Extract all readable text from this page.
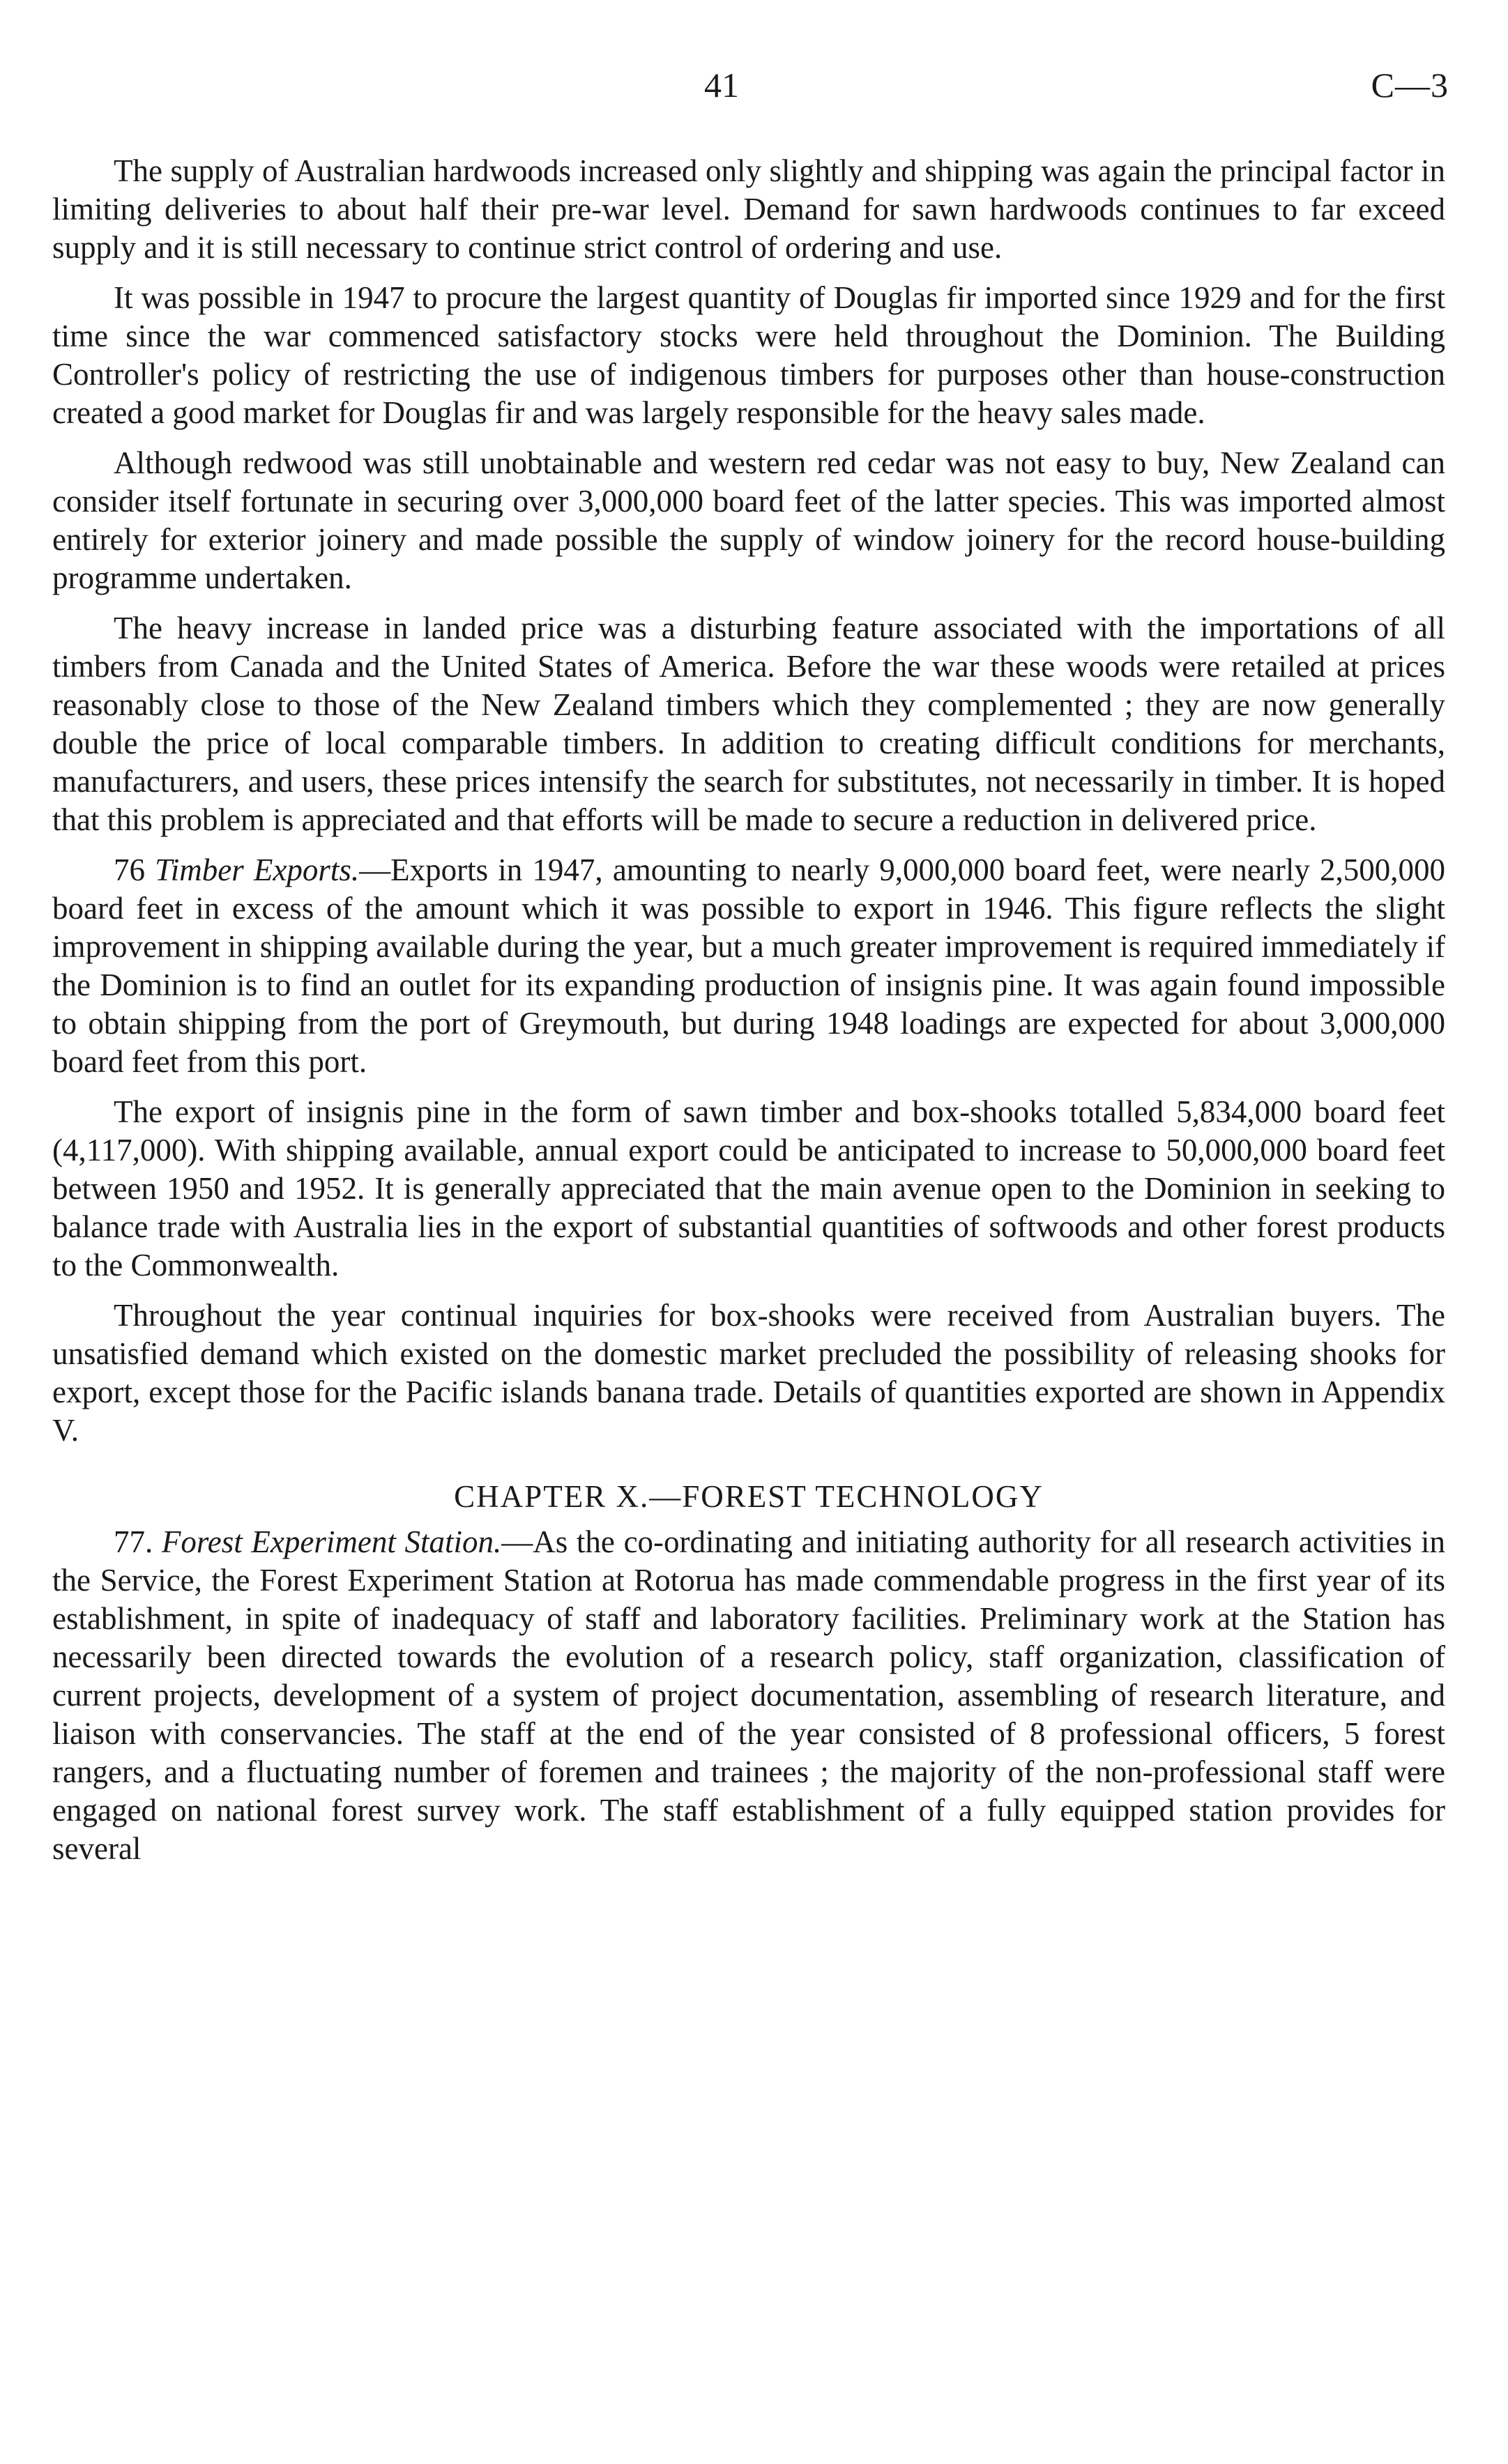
41	C—3

The supply of Australian hardwoods increased only slightly and shipping was again the principal factor in limiting deliveries to about half their pre-war level. Demand for sawn hardwoods continues to far exceed supply and it is still necessary to continue strict control of ordering and use.

It was possible in 1947 to procure the largest quantity of Douglas fir imported since 1929 and for the first time since the war commenced satisfactory stocks were held throughout the Dominion. The Building Controller's policy of restricting the use of indigenous timbers for purposes other than house-construction created a good market for Douglas fir and was largely responsible for the heavy sales made.

Although redwood was still unobtainable and western red cedar was not easy to buy, New Zealand can consider itself fortunate in securing over 3,000,000 board feet of the latter species. This was imported almost entirely for exterior joinery and made possible the supply of window joinery for the record house-building programme undertaken.

The heavy increase in landed price was a disturbing feature associated with the importations of all timbers from Canada and the United States of America. Before the war these woods were retailed at prices reasonably close to those of the New Zealand timbers which they complemented ; they are now generally double the price of local comparable timbers. In addition to creating difficult conditions for merchants, manufacturers, and users, these prices intensify the search for substitutes, not necessarily in timber. It is hoped that this problem is appreciated and that efforts will be made to secure a reduction in delivered price.

76 Timber Exports.—Exports in 1947, amounting to nearly 9,000,000 board feet, were nearly 2,500,000 board feet in excess of the amount which it was possible to export in 1946. This figure reflects the slight improvement in shipping available during the year, but a much greater improvement is required immediately if the Dominion is to find an outlet for its expanding production of insignis pine. It was again found impossible to obtain shipping from the port of Greymouth, but during 1948 loadings are expected for about 3,000,000 board feet from this port.

The export of insignis pine in the form of sawn timber and box-shooks totalled 5,834,000 board feet (4,117,000). With shipping available, annual export could be anticipated to increase to 50,000,000 board feet between 1950 and 1952. It is generally appreciated that the main avenue open to the Dominion in seeking to balance trade with Australia lies in the export of substantial quantities of softwoods and other forest products to the Commonwealth.

Throughout the year continual inquiries for box-shooks were received from Australian buyers. The unsatisfied demand which existed on the domestic market precluded the possibility of releasing shooks for export, except those for the Pacific islands banana trade. Details of quantities exported are shown in Appendix V.

CHAPTER X.—FOREST TECHNOLOGY

77. Forest Experiment Station.—As the co-ordinating and initiating authority for all research activities in the Service, the Forest Experiment Station at Rotorua has made commendable progress in the first year of its establishment, in spite of inadequacy of staff and laboratory facilities. Preliminary work at the Station has necessarily been directed towards the evolution of a research policy, staff organization, classification of current projects, development of a system of project documentation, assembling of research literature, and liaison with conservancies. The staff at the end of the year consisted of 8 professional officers, 5 forest rangers, and a fluctuating number of foremen and trainees ; the majority of the non-professional staff were engaged on national forest survey work. The staff establishment of a fully equipped station provides for several
